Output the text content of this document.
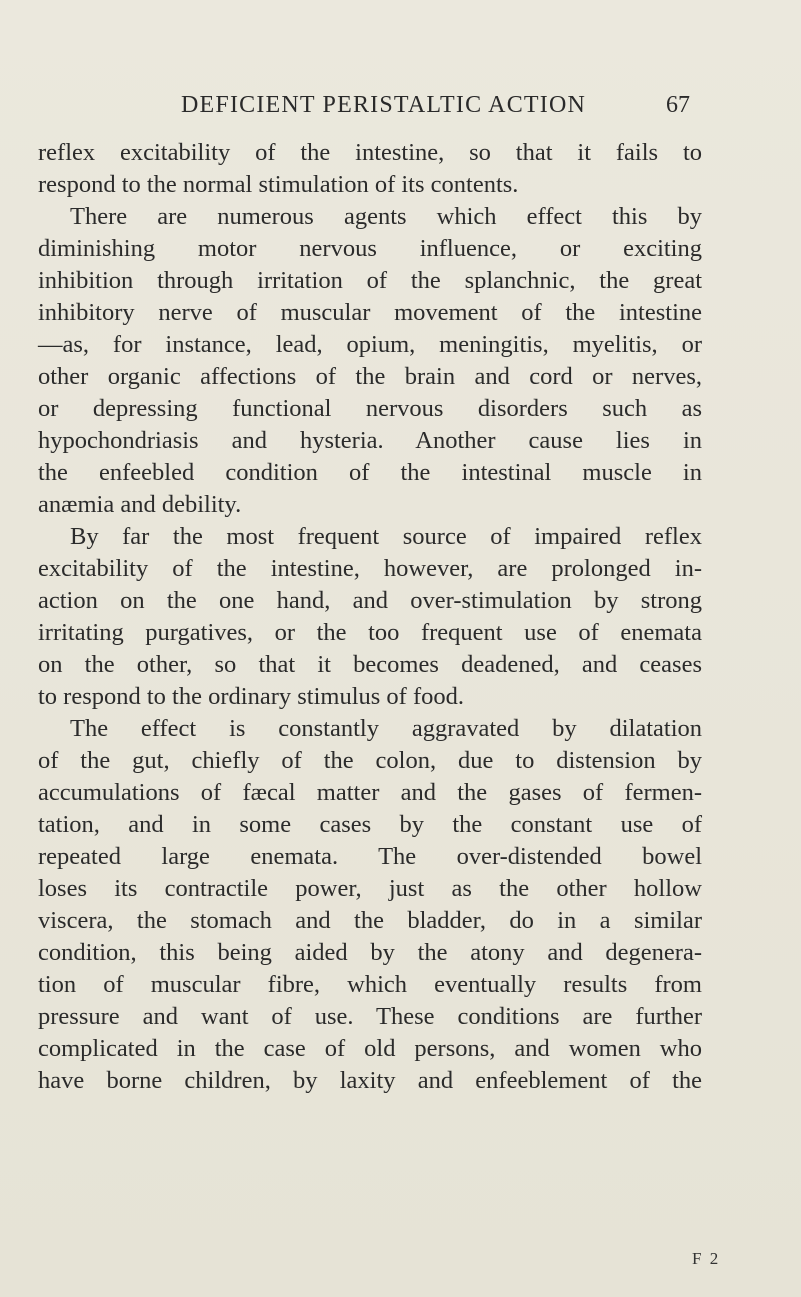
DEFICIENT PERISTALTIC ACTION	67
reflex excitability of the intestine, so that it fails to
respond to the normal stimulation of its contents.
There are numerous agents which effect this by
diminishing motor nervous influence, or exciting
inhibition through irritation of the splanchnic, the great
inhibitory nerve of muscular movement of the intestine
—as, for instance, lead, opium, meningitis, myelitis, or
other organic affections of the brain and cord or nerves,
or depressing functional nervous disorders such as
hypochondriasis and hysteria. Another cause lies in
the enfeebled condition of the intestinal muscle in
anæmia and debility.
By far the most frequent source of impaired reflex
excitability of the intestine, however, are prolonged in-
action on the one hand, and over-stimulation by strong
irritating purgatives, or the too frequent use of enemata
on the other, so that it becomes deadened, and ceases
to respond to the ordinary stimulus of food.
The effect is constantly aggravated by dilatation
of the gut, chiefly of the colon, due to distension by
accumulations of fæcal matter and the gases of fermen-
tation, and in some cases by the constant use of
repeated large enemata. The over-distended bowel
loses its contractile power, just as the other hollow
viscera, the stomach and the bladder, do in a similar
condition, this being aided by the atony and degenera-
tion of muscular fibre, which eventually results from
pressure and want of use. These conditions are further
complicated in the case of old persons, and women who
have borne children, by laxity and enfeeblement of the
F 2
